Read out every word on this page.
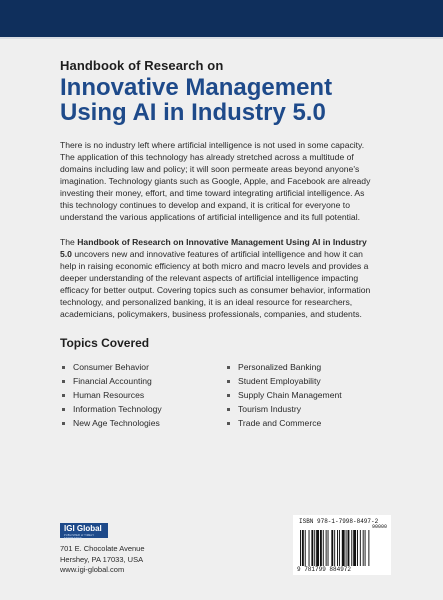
Handbook of Research on
Innovative Management
Using AI in Industry 5.0

There is no industry left where artificial intelligence is not used in some capacity. The application of this technology has already stretched across a multitude of domains including law and policy; it will soon permeate areas beyond anyone's imagination. Technology giants such as Google, Apple, and Facebook are already investing their money, effort, and time toward integrating artificial intelligence. As this technology continues to develop and expand, it is critical for everyone to understand the various applications of artificial intelligence and its full potential.

The Handbook of Research on Innovative Management Using AI in Industry 5.0 uncovers new and innovative features of artificial intelligence and how it can help in raising economic efficiency at both micro and macro levels and provides a deeper understanding of the relevant aspects of artificial intelligence impacting efficacy for better output. Covering topics such as consumer behavior, information technology, and personalized banking, it is an ideal resource for researchers, academicians, policymakers, business professionals, companies, and students.

Topics Covered
Consumer Behavior
Financial Accounting
Human Resources
Information Technology
New Age Technologies
Personalized Banking
Student Employability
Supply Chain Management
Tourism Industry
Trade and Commerce
IGI Global
PUBLISHER of TIMELY KNOWLEDGE
701 E. Chocolate Avenue
Hershey, PA 17033, USA
www.igi-global.com
ISBN 978-1-7998-8497-2
90000
9 781799 884972
